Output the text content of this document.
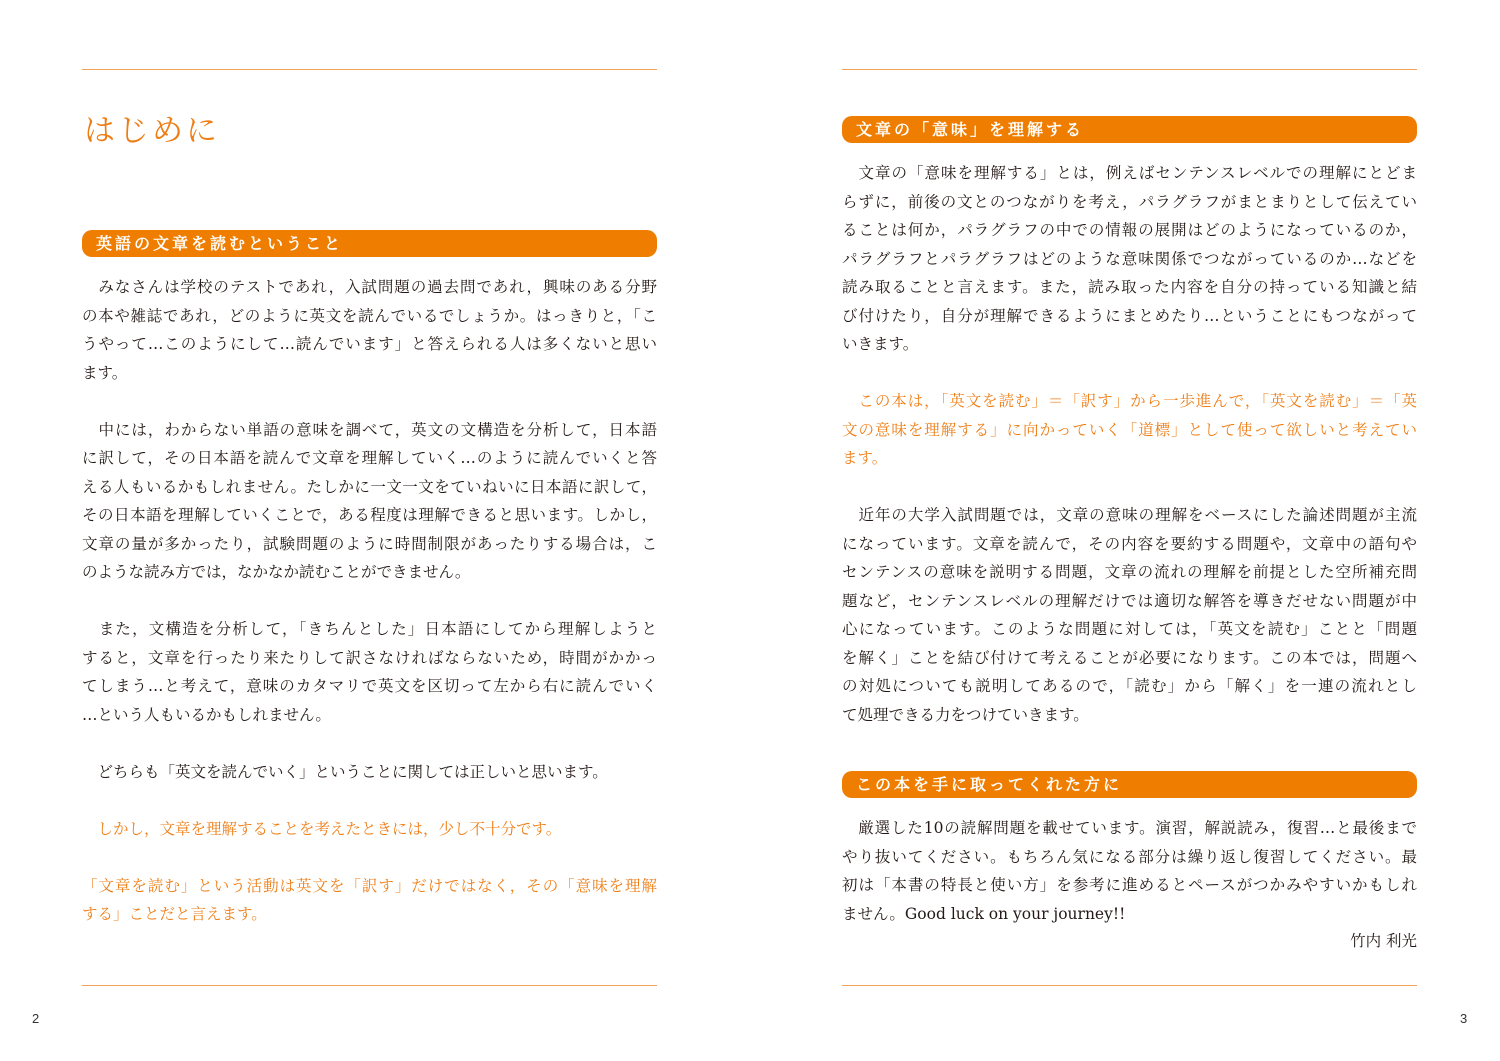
はじめに
英語の文章を読むということ
　みなさんは学校のテストであれ，入試問題の過去問であれ，興味のある分野
の本や雑誌であれ，どのように英文を読んでいるでしょうか。はっきりと，「こ
うやって…このようにして…読んでいます」と答えられる人は多くないと思い
ます。
　中には，わからない単語の意味を調べて，英文の文構造を分析して，日本語
に訳して，その日本語を読んで文章を理解していく…のように読んでいくと答
える人もいるかもしれません。たしかに一文一文をていねいに日本語に訳して，
その日本語を理解していくことで，ある程度は理解できると思います。しかし，
文章の量が多かったり，試験問題のように時間制限があったりする場合は，こ
のような読み方では，なかなか読むことができません。
　また，文構造を分析して，「きちんとした」日本語にしてから理解しようと
すると，文章を行ったり来たりして訳さなければならないため，時間がかかっ
てしまう…と考えて，意味のカタマリで英文を区切って左から右に読んでいく
…という人もいるかもしれません。
　どちらも「英文を読んでいく」ということに関しては正しいと思います。
　しかし，文章を理解することを考えたときには，少し不十分です。
「文章を読む」という活動は英文を「訳す」だけではなく，その「意味を理解
する」ことだと言えます。
2
文章の「意味」を理解する
　文章の「意味を理解する」とは，例えばセンテンスレベルでの理解にとどま
らずに，前後の文とのつながりを考え，パラグラフがまとまりとして伝えてい
ることは何か，パラグラフの中での情報の展開はどのようになっているのか，
パラグラフとパラグラフはどのような意味関係でつながっているのか…などを
読み取ることと言えます。また，読み取った内容を自分の持っている知識と結
び付けたり，自分が理解できるようにまとめたり…ということにもつながって
いきます。
　この本は，「英文を読む」＝「訳す」から一歩進んで，「英文を読む」＝「英
文の意味を理解する」に向かっていく「道標」として使って欲しいと考えてい
ます。
　近年の大学入試問題では，文章の意味の理解をベースにした論述問題が主流
になっています。文章を読んで，その内容を要約する問題や，文章中の語句や
センテンスの意味を説明する問題，文章の流れの理解を前提とした空所補充問
題など，センテンスレベルの理解だけでは適切な解答を導きだせない問題が中
心になっています。このような問題に対しては，「英文を読む」ことと「問題
を解く」ことを結び付けて考えることが必要になります。この本では，問題へ
の対処についても説明してあるので，「読む」から「解く」を一連の流れとし
て処理できる力をつけていきます。
この本を手に取ってくれた方に
　厳選した10の読解問題を載せています。演習，解説読み，復習…と最後まで
やり抜いてください。もちろん気になる部分は繰り返し復習してください。最
初は「本書の特長と使い方」を参考に進めるとペースがつかみやすいかもしれ
ません。Good luck on your journey!!
竹内 利光
3
